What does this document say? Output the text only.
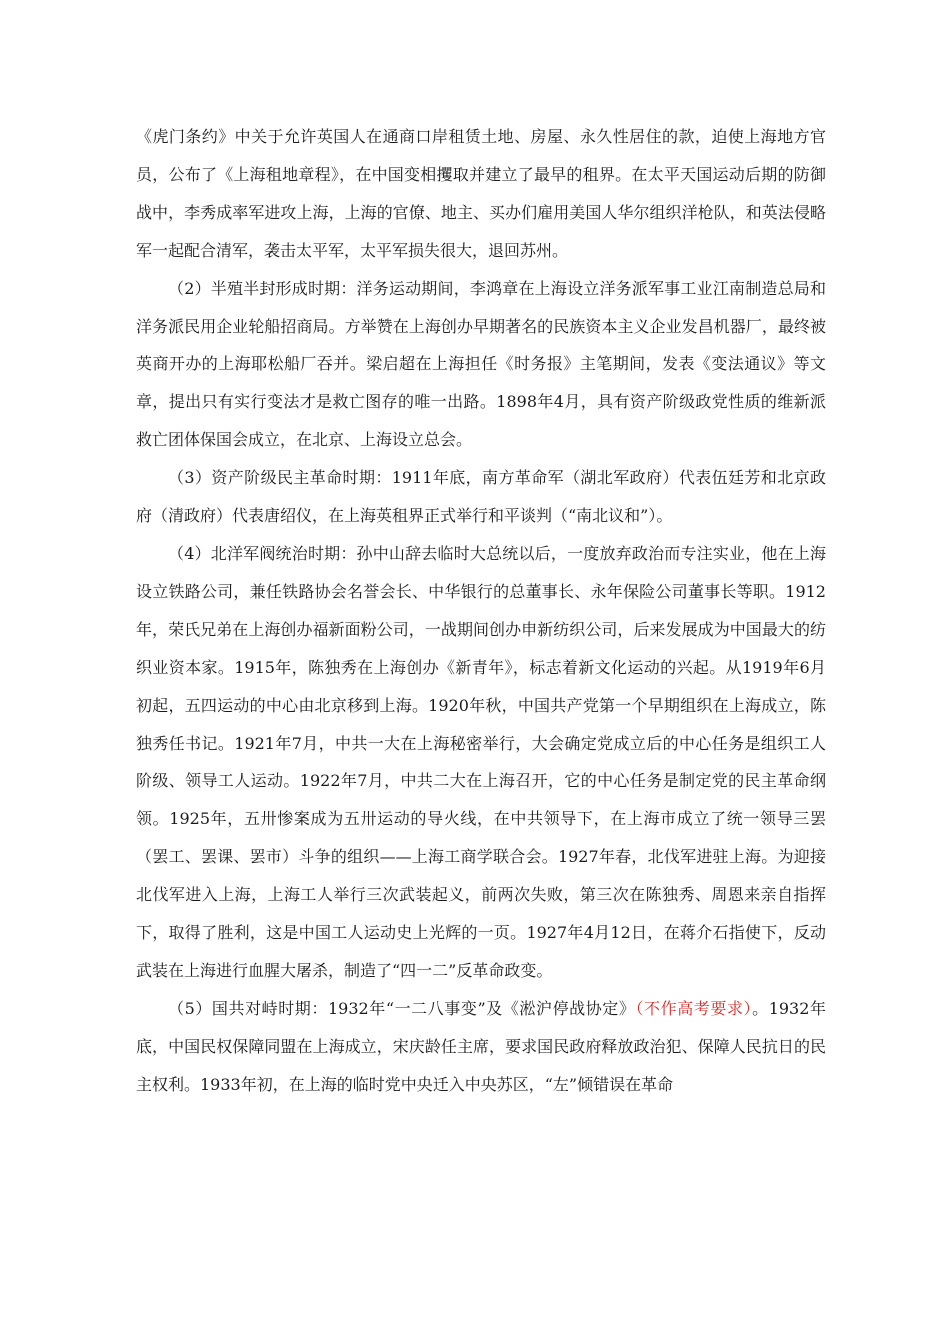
《虎门条约》中关于允许英国人在通商口岸租赁土地、房屋、永久性居住的款，迫使上海地方官员，公布了《上海租地章程》，在中国变相攫取并建立了最早的租界。在太平天国运动后期的防御战中，李秀成率军进攻上海，上海的官僚、地主、买办们雇用美国人华尔组织洋枪队，和英法侵略军一起配合清军，袭击太平军，太平军损失很大，退回苏州。

（2）半殖半封形成时期：洋务运动期间，李鸿章在上海设立洋务派军事工业江南制造总局和洋务派民用企业轮船招商局。方举赞在上海创办早期著名的民族资本主义企业发昌机器厂，最终被英商开办的上海耶松船厂吞并。梁启超在上海担任《时务报》主笔期间，发表《变法通议》等文章，提出只有实行变法才是救亡图存的唯一出路。1898年4月，具有资产阶级政党性质的维新派救亡团体保国会成立，在北京、上海设立总会。

（3）资产阶级民主革命时期：1911年底，南方革命军（湖北军政府）代表伍廷芳和北京政府（清政府）代表唐绍仪，在上海英租界正式举行和平谈判（“南北议和”）。

（4）北洋军阀统治时期：孙中山辞去临时大总统以后，一度放弃政治而专注实业，他在上海设立铁路公司，兼任铁路协会名誉会长、中华银行的总董事长、永年保险公司董事长等职。1912年，荣氏兄弟在上海创办福新面粉公司，一战期间创办申新纺织公司，后来发展成为中国最大的纺织业资本家。1915年，陈独秀在上海创办《新青年》，标志着新文化运动的兴起。从1919年6月初起，五四运动的中心由北京移到上海。1920年秋，中国共产党第一个早期组织在上海成立，陈独秀任书记。1921年7月，中共一大在上海秘密举行，大会确定党成立后的中心任务是组织工人阶级、领导工人运动。1922年7月，中共二大在上海召开，它的中心任务是制定党的民主革命纲领。1925年，五卅惨案成为五卅运动的导火线，在中共领导下，在上海市成立了统一领导三罢（罢工、罢课、罢市）斗争的组织——上海工商学联合会。1927年春，北伐军进驻上海。为迎接北伐军进入上海，上海工人举行三次武装起义，前两次失败，第三次在陈独秀、周恩来亲自指挥下，取得了胜利，这是中国工人运动史上光辉的一页。1927年4月12日，在蒋介石指使下，反动武装在上海进行血腥大屠杀，制造了“四一二”反革命政变。

（5）国共对峙时期：1932年“一二八事变”及《淞沪停战协定》（不作高考要求）。1932年底，中国民权保障同盟在上海成立，宋庆龄任主席，要求国民政府释放政治犯、保障人民抗日的民主权利。1933年初，在上海的临时党中央迁入中央苏区，“左”倾错误在革命
